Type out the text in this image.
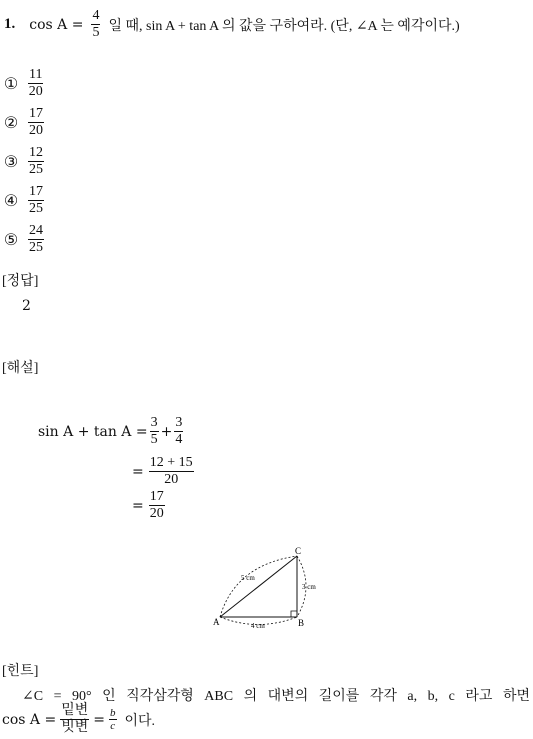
1. $\cos A = \frac{4}{5}$ 일 때, sin A + tan A 의 값을 구하여라. (단, ∠A 는 예각이다.)
① $\frac{11}{20}$
② $\frac{17}{20}$
③ $\frac{12}{25}$
④ $\frac{17}{25}$
⑤ $\frac{24}{25}$
[정답]
2
[해설]
$\sin A + \tan A = \frac{3}{5} + \frac{3}{4}$
= $\frac{12 + 15}{20}$
= $\frac{17}{20}$
A	B
C
5 cm
4 cm
3 cm
[힌트]
∠C = 90° 인 직각삼각형 ABC 의 대변의 길이를 각각 a, b, c 라고 하면
$\cos A = \frac{\text{밑변}}{\text{빗변}} = \frac{b}{c}$ 이다.
